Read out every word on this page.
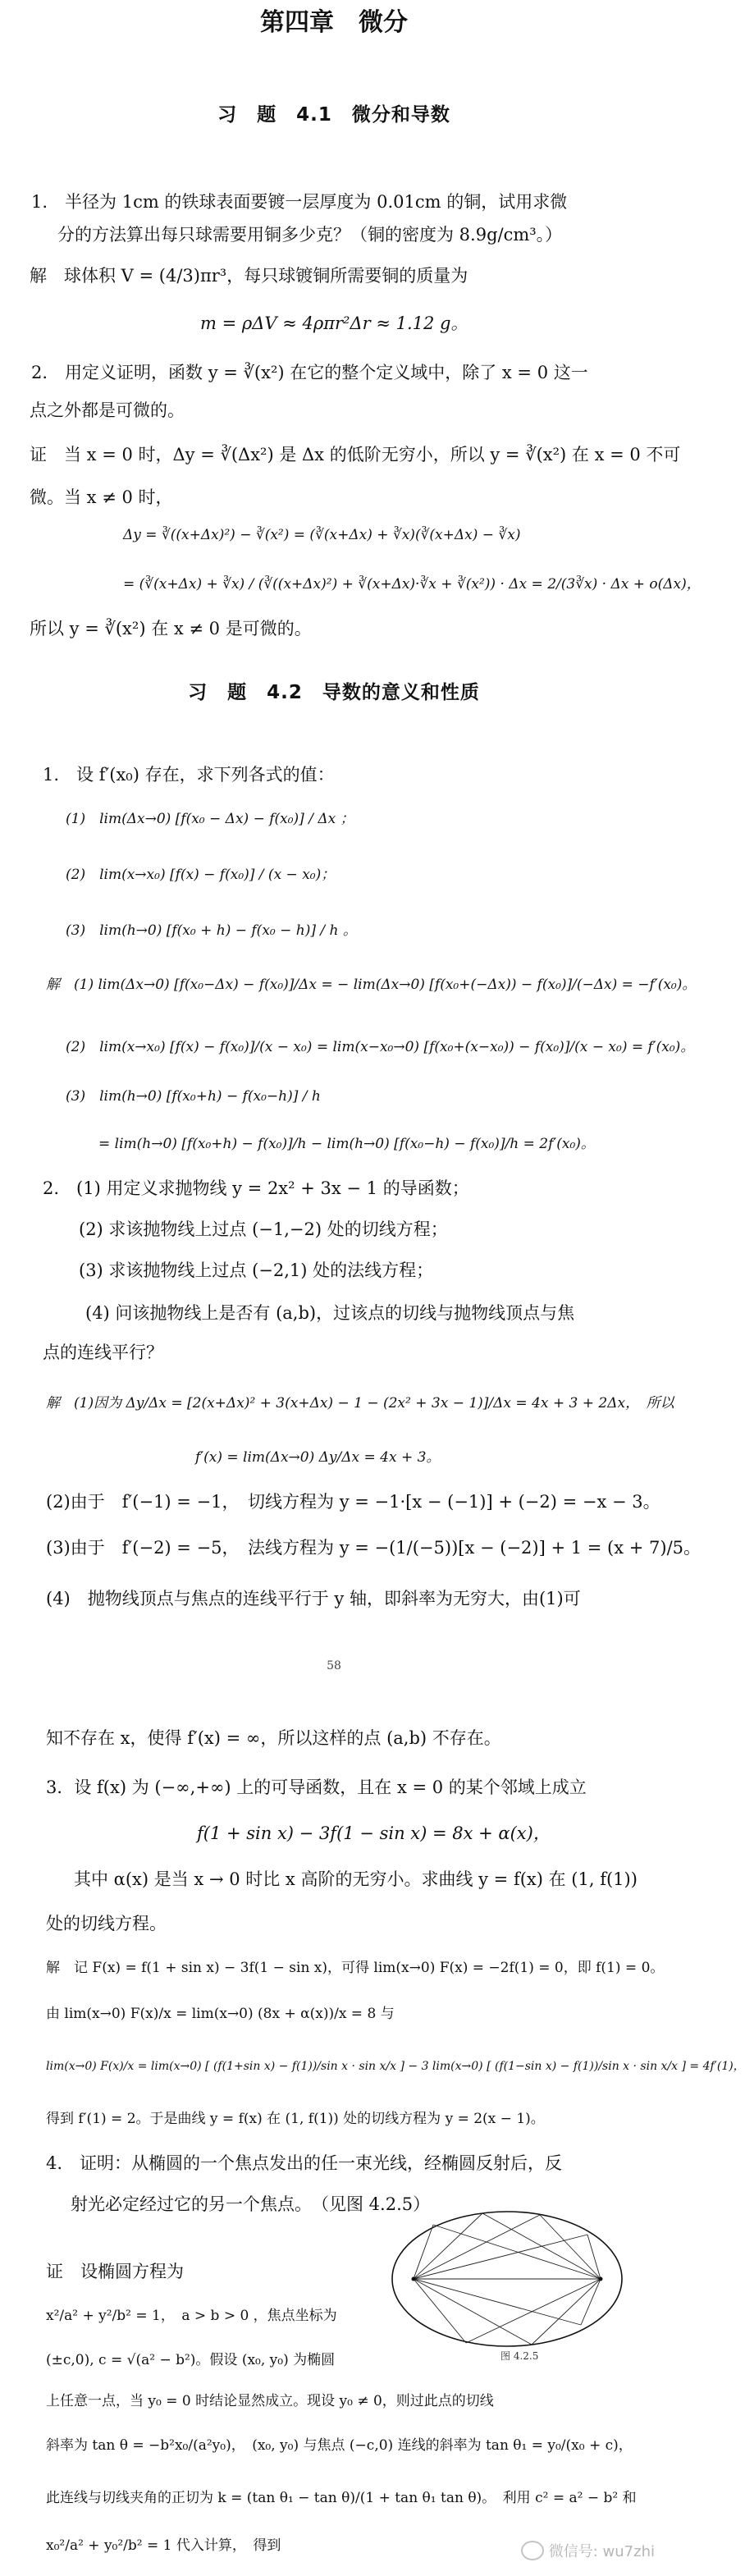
第四章　微分
习　题　4.1　微分和导数
1.　半径为 1cm 的铁球表面要镀一层厚度为 0.01cm 的铜，试用求微
分的方法算出每只球需要用铜多少克？（铜的密度为 8.9g/cm³。）
解　球体积 V = (4/3)πr³，每只球镀铜所需要铜的质量为
m = ρΔV ≈ 4ρπr²Δr ≈ 1.12 g。
2.　用定义证明，函数 y = ∛(x²) 在它的整个定义域中，除了 x = 0 这一
点之外都是可微的。
证　当 x = 0 时，Δy = ∛(Δx²) 是 Δx 的低阶无穷小，所以 y = ∛(x²) 在 x = 0 不可
微。当 x ≠ 0 时，
Δy = ∛((x+Δx)²) − ∛(x²) = (∛(x+Δx) + ∛x)(∛(x+Δx) − ∛x)
= (∛(x+Δx) + ∛x) / (∛((x+Δx)²) + ∛(x+Δx)·∛x + ∛(x²)) · Δx = 2/(3∛x) · Δx + o(Δx)，
所以 y = ∛(x²) 在 x ≠ 0 是可微的。
习　题　4.2　导数的意义和性质
1.　设 f′(x₀) 存在，求下列各式的值：
(1)　lim(Δx→0) [f(x₀ − Δx) − f(x₀)] / Δx ；
(2)　lim(x→x₀) [f(x) − f(x₀)] / (x − x₀)；
(3)　lim(h→0) [f(x₀ + h) − f(x₀ − h)] / h 。
解　(1) lim(Δx→0) [f(x₀−Δx) − f(x₀)]/Δx = − lim(Δx→0) [f(x₀+(−Δx)) − f(x₀)]/(−Δx) = −f′(x₀)。
(2)　lim(x→x₀) [f(x) − f(x₀)]/(x − x₀) = lim(x−x₀→0) [f(x₀+(x−x₀)) − f(x₀)]/(x − x₀) = f′(x₀)。
(3)　lim(h→0) [f(x₀+h) − f(x₀−h)] / h
= lim(h→0) [f(x₀+h) − f(x₀)]/h − lim(h→0) [f(x₀−h) − f(x₀)]/h = 2f′(x₀)。
2.　(1) 用定义求抛物线 y = 2x² + 3x − 1 的导函数；
(2) 求该抛物线上过点 (−1,−2) 处的切线方程；
(3) 求该抛物线上过点 (−2,1) 处的法线方程；
(4) 问该抛物线上是否有 (a,b)，过该点的切线与抛物线顶点与焦
点的连线平行？
解　(1)因为 Δy/Δx = [2(x+Δx)² + 3(x+Δx) − 1 − (2x² + 3x − 1)]/Δx = 4x + 3 + 2Δx，　所以
f′(x) = lim(Δx→0) Δy/Δx = 4x + 3。
(2)由于　f′(−1) = −1，　切线方程为 y = −1·[x − (−1)] + (−2) = −x − 3。
(3)由于　f′(−2) = −5，　法线方程为 y = −(1/(−5))[x − (−2)] + 1 = (x + 7)/5。
(4)　抛物线顶点与焦点的连线平行于 y 轴，即斜率为无穷大，由(1)可
58
知不存在 x，使得 f′(x) = ∞，所以这样的点 (a,b) 不存在。
3．设 f(x) 为 (−∞,+∞) 上的可导函数，且在 x = 0 的某个邻域上成立
f(1 + sin x) − 3f(1 − sin x) = 8x + α(x)，
其中 α(x) 是当 x → 0 时比 x 高阶的无穷小。求曲线 y = f(x) 在 (1, f(1))
处的切线方程。
解　记 F(x) = f(1 + sin x) − 3f(1 − sin x)，可得 lim(x→0) F(x) = −2f(1) = 0，即 f(1) = 0。
由 lim(x→0) F(x)/x = lim(x→0) (8x + α(x))/x = 8 与
lim(x→0) F(x)/x = lim(x→0) [ (f(1+sin x) − f(1))/sin x · sin x/x ] − 3 lim(x→0) [ (f(1−sin x) − f(1))/sin x · sin x/x ] = 4f′(1)，
得到 f′(1) = 2。于是曲线 y = f(x) 在 (1, f(1)) 处的切线方程为 y = 2(x − 1)。
4.　证明：从椭圆的一个焦点发出的任一束光线，经椭圆反射后，反
射光必定经过它的另一个焦点。　（见图 4.2.5）
证　设椭圆方程为
x²/a² + y²/b² = 1，　a > b > 0 ，焦点坐标为
(±c,0), c = √(a² − b²)。假设 (x₀, y₀) 为椭圆
上任意一点，当 y₀ = 0 时结论显然成立。现设 y₀ ≠ 0，则过此点的切线
斜率为 tan θ = −b²x₀/(a²y₀)，　(x₀, y₀) 与焦点 (−c,0) 连线的斜率为 tan θ₁ = y₀/(x₀ + c)，
此连线与切线夹角的正切为 k = (tan θ₁ − tan θ)/(1 + tan θ₁ tan θ)。　利用 c² = a² − b² 和
x₀²/a² + y₀²/b² = 1 代入计算，　得到
图 4.2.5
微信号: wu7zhi
